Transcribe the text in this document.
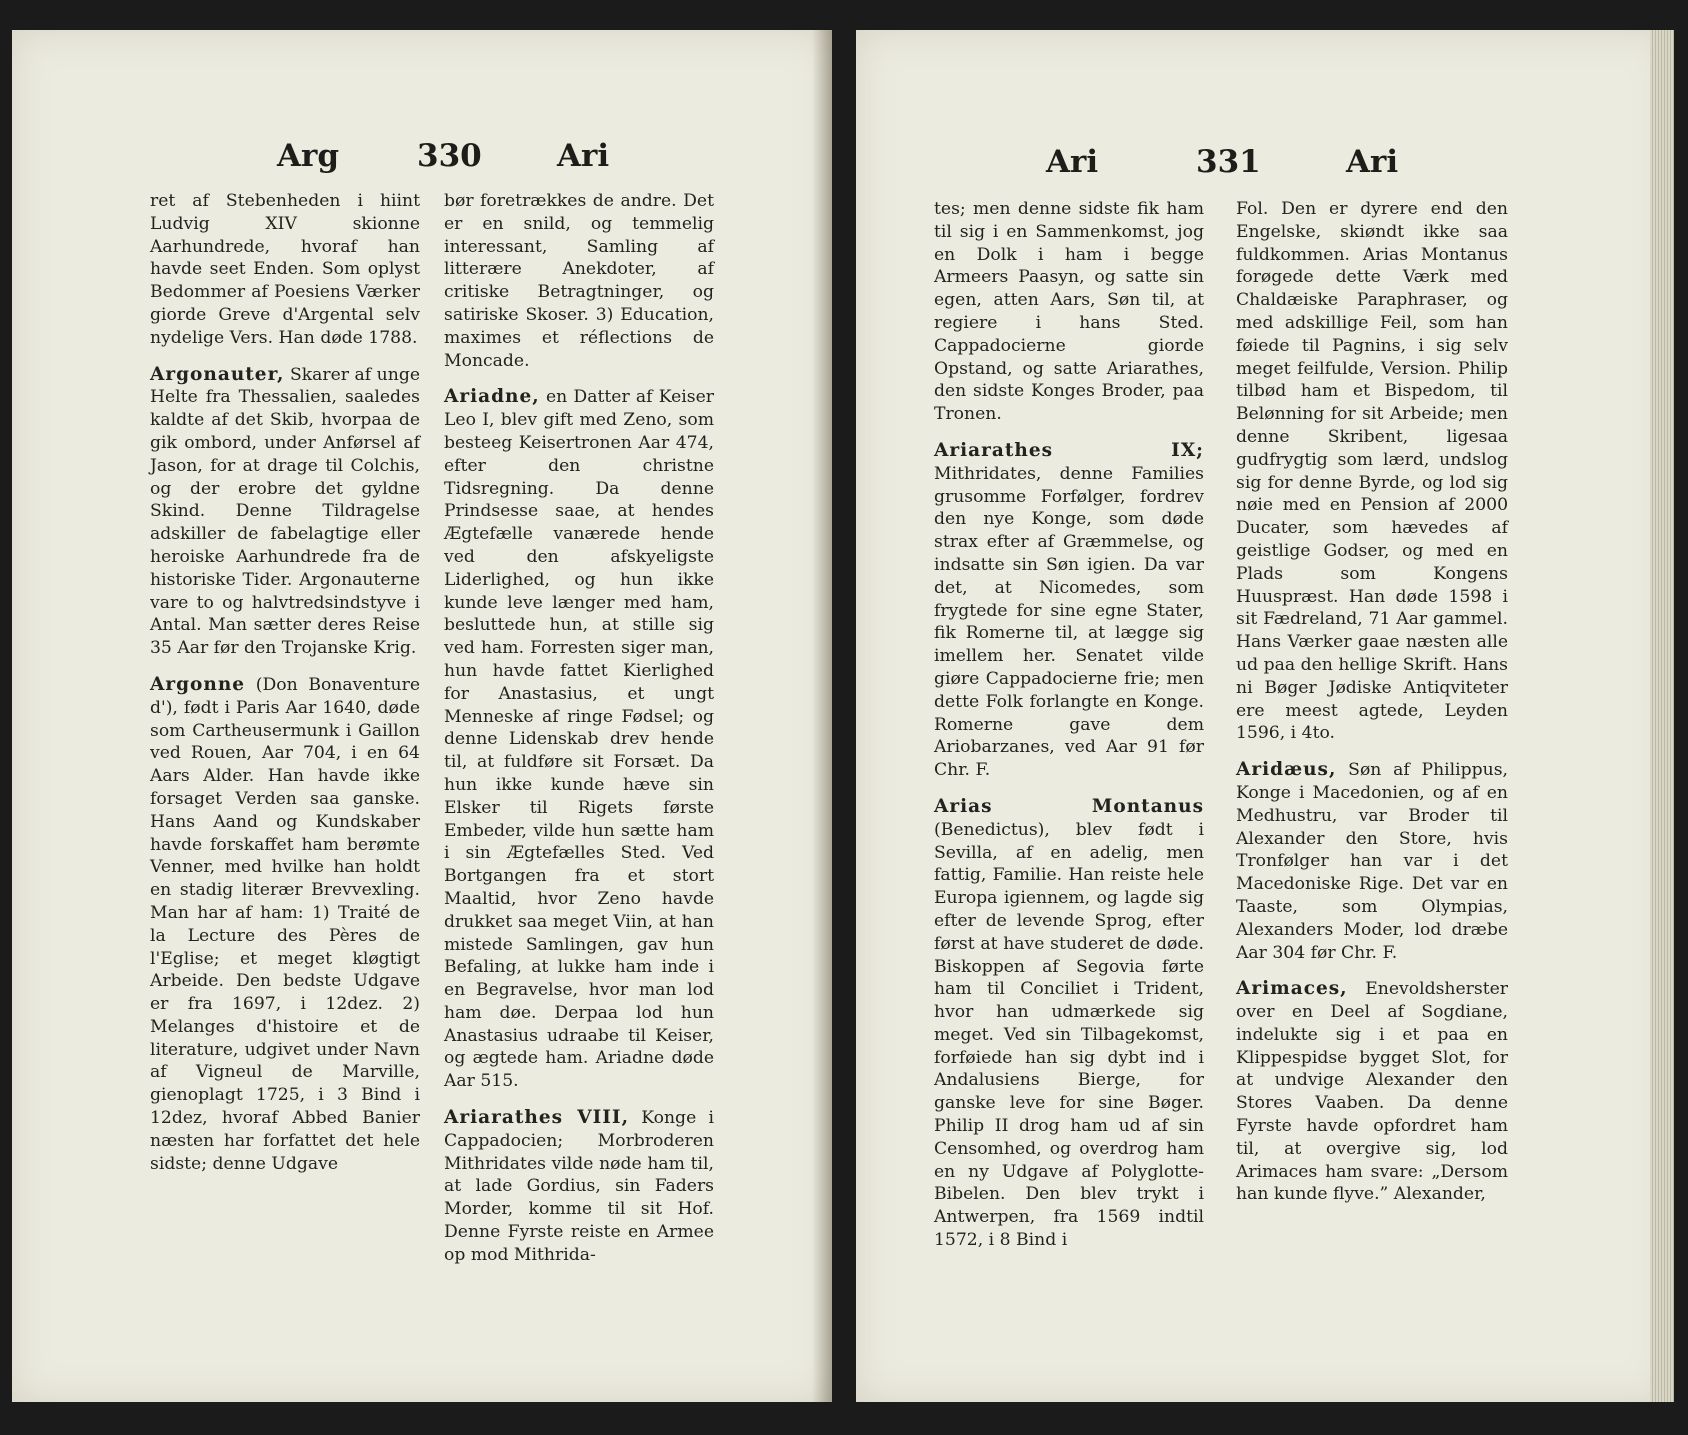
Arg	330 Ari

ret af Stebenheden i hiint Ludvig XIV skionne Aarhundrede, hvoraf han havde seet Enden. Som oplyst Bedommer af Poesiens Værker giorde Greve d'Argental selv nydelige Vers. Han døde 1788.

Argonauter, Skarer af unge Helte fra Thessalien, saaledes kaldte af det Skib, hvorpaa de gik ombord, under Anførsel af Jason, for at drage til Colchis, og der erobre det gyldne Skind. Denne Tildragelse adskiller de fabelagtige eller heroiske Aarhundrede fra de historiske Tider. Argonauterne vare to og halvtredsindstyve i Antal. Man sætter deres Reise 35 Aar før den Trojanske Krig.

Argonne (Don Bonaventure d'), født i Paris Aar 1640, døde som Cartheusermunk i Gaillon ved Rouen, Aar 704, i en 64 Aars Alder. Han havde ikke forsaget Verden saa ganske. Hans Aand og Kundskaber havde forskaffet ham berømte Venner, med hvilke han holdt en stadig literær Brevvexling. Man har af ham: 1) Traité de la Lecture des Pères de l'Eglise; et meget kløgtigt Arbeide. Den bedste Udgave er fra 1697, i 12dez. 2) Melanges d'histoire et de literature, udgivet under Navn af Vigneul de Marville, gienoplagt 1725, i 3 Bind i 12dez, hvoraf Abbed Banier næsten har forfattet det hele sidste; denne Udgave

bør foretrækkes de andre. Det er en snild, og temmelig interessant, Samling af litterære Anekdoter, af critiske Betragtninger, og satiriske Skoser. 3) Education, maximes et réflections de Moncade.

Ariadne, en Datter af Keiser Leo I, blev gift med Zeno, som besteeg Keisertronen Aar 474, efter den christne Tidsregning. Da denne Prindsesse saae, at hendes Ægtefælle vanærede hende ved den afskyeligste Liderlighed, og hun ikke kunde leve længer med ham, besluttede hun, at stille sig ved ham. Forresten siger man, hun havde fattet Kierlighed for Anastasius, et ungt Menneske af ringe Fødsel; og denne Lidenskab drev hende til, at fuldføre sit Forsæt. Da hun ikke kunde hæve sin Elsker til Rigets første Embeder, vilde hun sætte ham i sin Ægtefælles Sted. Ved Bortgangen fra et stort Maaltid, hvor Zeno havde drukket saa meget Viin, at han mistede Samlingen, gav hun Befaling, at lukke ham inde i en Begravelse, hvor man lod ham døe. Derpaa lod hun Anastasius udraabe til Keiser, og ægtede ham. Ariadne døde Aar 515.

Ariarathes VIII, Konge i Cappadocien; Morbroderen Mithridates vilde nøde ham til, at lade Gordius, sin Faders Morder, komme til sit Hof. Denne Fyrste reiste en Armee op mod Mithrida-

Ari	331	Ari

tes; men denne sidste fik ham til sig i en Sammenkomst, jog en Dolk i ham i begge Armeers Paasyn, og satte sin egen, atten Aars, Søn til, at regiere i hans Sted. Cappadocierne giorde Opstand, og satte Ariarathes, den sidste Konges Broder, paa Tronen.

Ariarathes IX; Mithridates, denne Families grusomme Forfølger, fordrev den nye Konge, som døde strax efter af Græmmelse, og indsatte sin Søn igien. Da var det, at Nicomedes, som frygtede for sine egne Stater, fik Romerne til, at lægge sig imellem her. Senatet vilde giøre Cappadocierne frie; men dette Folk forlangte en Konge. Romerne gave dem Ariobarzanes, ved Aar 91 før Chr. F.

Arias Montanus (Benedictus), blev født i Sevilla, af en adelig, men fattig, Familie. Han reiste hele Europa igiennem, og lagde sig efter de levende Sprog, efter først at have studeret de døde. Biskoppen af Segovia førte ham til Conciliet i Trident, hvor han udmærkede sig meget. Ved sin Tilbagekomst, forføiede han sig dybt ind i Andalusiens Bierge, for ganske leve for sine Bøger. Philip II drog ham ud af sin Censomhed, og overdrog ham en ny Udgave af Polyglotte-Bibelen. Den blev trykt i Antwerpen, fra 1569 indtil 1572, i 8 Bind i

Fol. Den er dyrere end den Engelske, skiøndt ikke saa fuldkommen. Arias Montanus forøgede dette Værk med Chaldæiske Paraphraser, og med adskillige Feil, som han føiede til Pagnins, i sig selv meget feilfulde, Version. Philip tilbød ham et Bispedom, til Belønning for sit Arbeide; men denne Skribent, ligesaa gudfrygtig som lærd, undslog sig for denne Byrde, og lod sig nøie med en Pension af 2000 Ducater, som hævedes af geistlige Godser, og med en Plads som Kongens Huuspræst. Han døde 1598 i sit Fædreland, 71 Aar gammel. Hans Værker gaae næsten alle ud paa den hellige Skrift. Hans ni Bøger Jødiske Antiqviteter ere meest agtede, Leyden 1596, i 4to.

Aridæus, Søn af Philippus, Konge i Macedonien, og af en Medhustru, var Broder til Alexander den Store, hvis Tronfølger han var i det Macedoniske Rige. Det var en Taaste, som Olympias, Alexanders Moder, lod dræbe Aar 304 før Chr. F.

Arimaces, Enevoldsherster over en Deel af Sogdiane, indelukte sig i et paa en Klippespidse bygget Slot, for at undvige Alexander den Stores Vaaben. Da denne Fyrste havde opfordret ham til, at overgive sig, lod Arimaces ham svare: „Dersom han kunde flyve.” Alexander,
